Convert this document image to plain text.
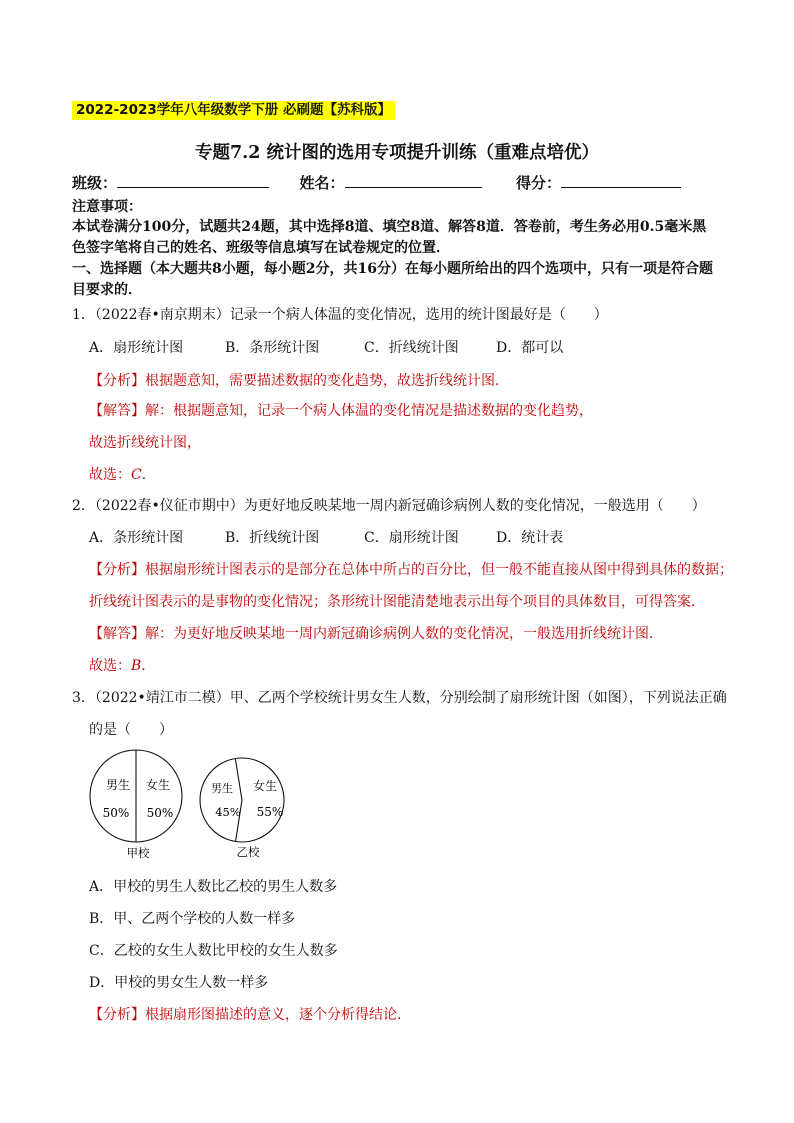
2022-2023学年八年级数学下册 必刷题【苏科版】
专题7.2 统计图的选用专项提升训练（重难点培优）
班级：	姓名：	得分：
注意事项：
本试卷满分100分，试题共24题，其中选择8道、填空8道、解答8道．答卷前，考生务必用0.5毫米黑
色签字笔将自己的姓名、班级等信息填写在试卷规定的位置．
一、选择题（本大题共8小题，每小题2分，共16分）在每小题所给出的四个选项中，只有一项是符合题
目要求的．
1．（2022春•南京期末）记录一个病人体温的变化情况，选用的统计图最好是（　　）
A．扇形统计图	B．条形统计图	C．折线统计图	D．都可以
【分析】根据题意知，需要描述数据的变化趋势，故选折线统计图．
【解答】解：根据题意知，记录一个病人体温的变化情况是描述数据的变化趋势，
故选折线统计图，
故选：C．
2．（2022春•仪征市期中）为更好地反映某地一周内新冠确诊病例人数的变化情况，一般选用（　　）
A．条形统计图	B．折线统计图	C．扇形统计图	D．统计表
【分析】根据扇形统计图表示的是部分在总体中所占的百分比，但一般不能直接从图中得到具体的数据；
折线统计图表示的是事物的变化情况；条形统计图能清楚地表示出每个项目的具体数目，可得答案．
【解答】解：为更好地反映某地一周内新冠确诊病例人数的变化情况，一般选用折线统计图．
故选：B．
3．（2022•靖江市二模）甲、乙两个学校统计男女生人数，分别绘制了扇形统计图（如图），下列说法正确
的是（　　）
男生
50%
女生
50%
甲校
男生
45%
女生
55%
乙校
A．甲校的男生人数比乙校的男生人数多
B．甲、乙两个学校的人数一样多
C．乙校的女生人数比甲校的女生人数多
D．甲校的男女生人数一样多
【分析】根据扇形图描述的意义，逐个分析得结论．
